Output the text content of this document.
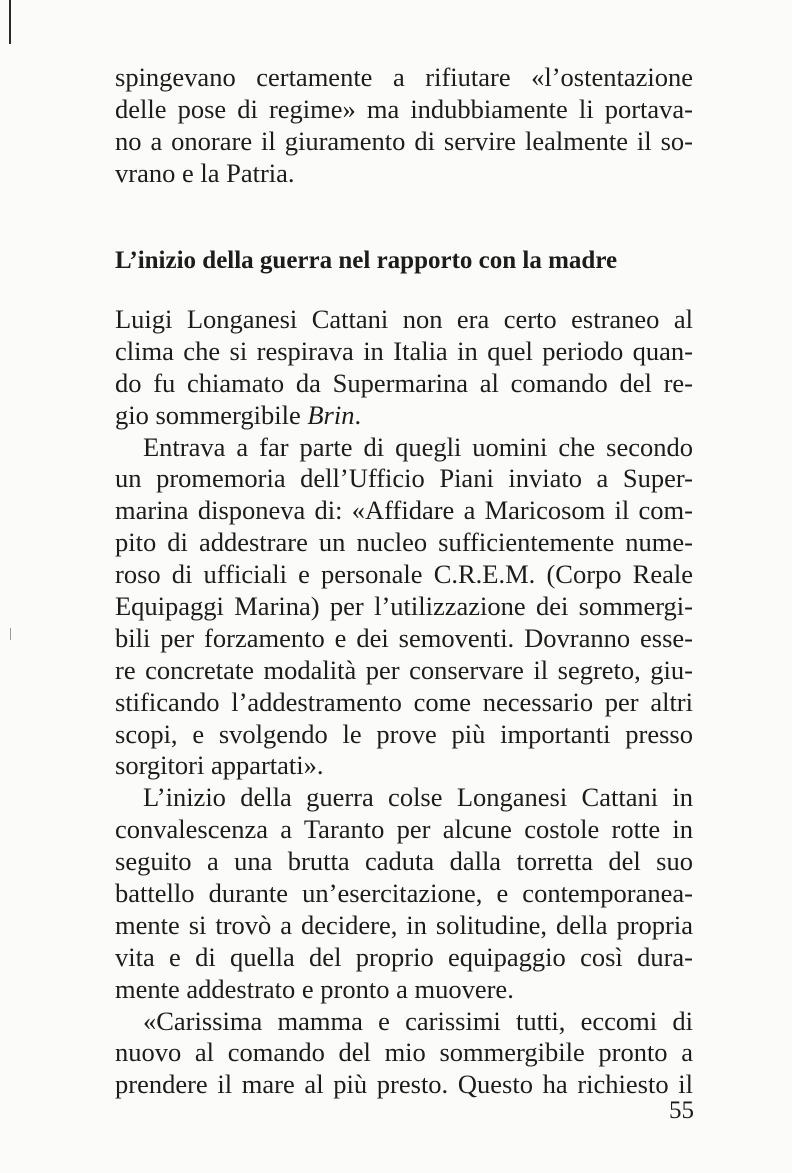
spingevano certamente a rifiutare «l’ostentazione
delle pose di regime» ma indubbiamente li portava-
no a onorare il giuramento di servire lealmente il so-
vrano e la Patria.
L’inizio della guerra nel rapporto con la madre
Luigi Longanesi Cattani non era certo estraneo al
clima che si respirava in Italia in quel periodo quan-
do fu chiamato da Supermarina al comando del re-
gio sommergibile Brin.
Entrava a far parte di quegli uomini che secondo
un promemoria dell’Ufficio Piani inviato a Super-
marina disponeva di: «Affidare a Maricosom il com-
pito di addestrare un nucleo sufficientemente nume-
roso di ufficiali e personale C.R.E.M. (Corpo Reale
Equipaggi Marina) per l’utilizzazione dei sommergi-
bili per forzamento e dei semoventi. Dovranno esse-
re concretate modalità per conservare il segreto, giu-
stificando l’addestramento come necessario per altri
scopi, e svolgendo le prove più importanti presso
sorgitori appartati».
L’inizio della guerra colse Longanesi Cattani in
convalescenza a Taranto per alcune costole rotte in
seguito a una brutta caduta dalla torretta del suo
battello durante un’esercitazione, e contemporanea-
mente si trovò a decidere, in solitudine, della propria
vita e di quella del proprio equipaggio così dura-
mente addestrato e pronto a muovere.
«Carissima mamma e carissimi tutti, eccomi di
nuovo al comando del mio sommergibile pronto a
prendere il mare al più presto. Questo ha richiesto il
55
